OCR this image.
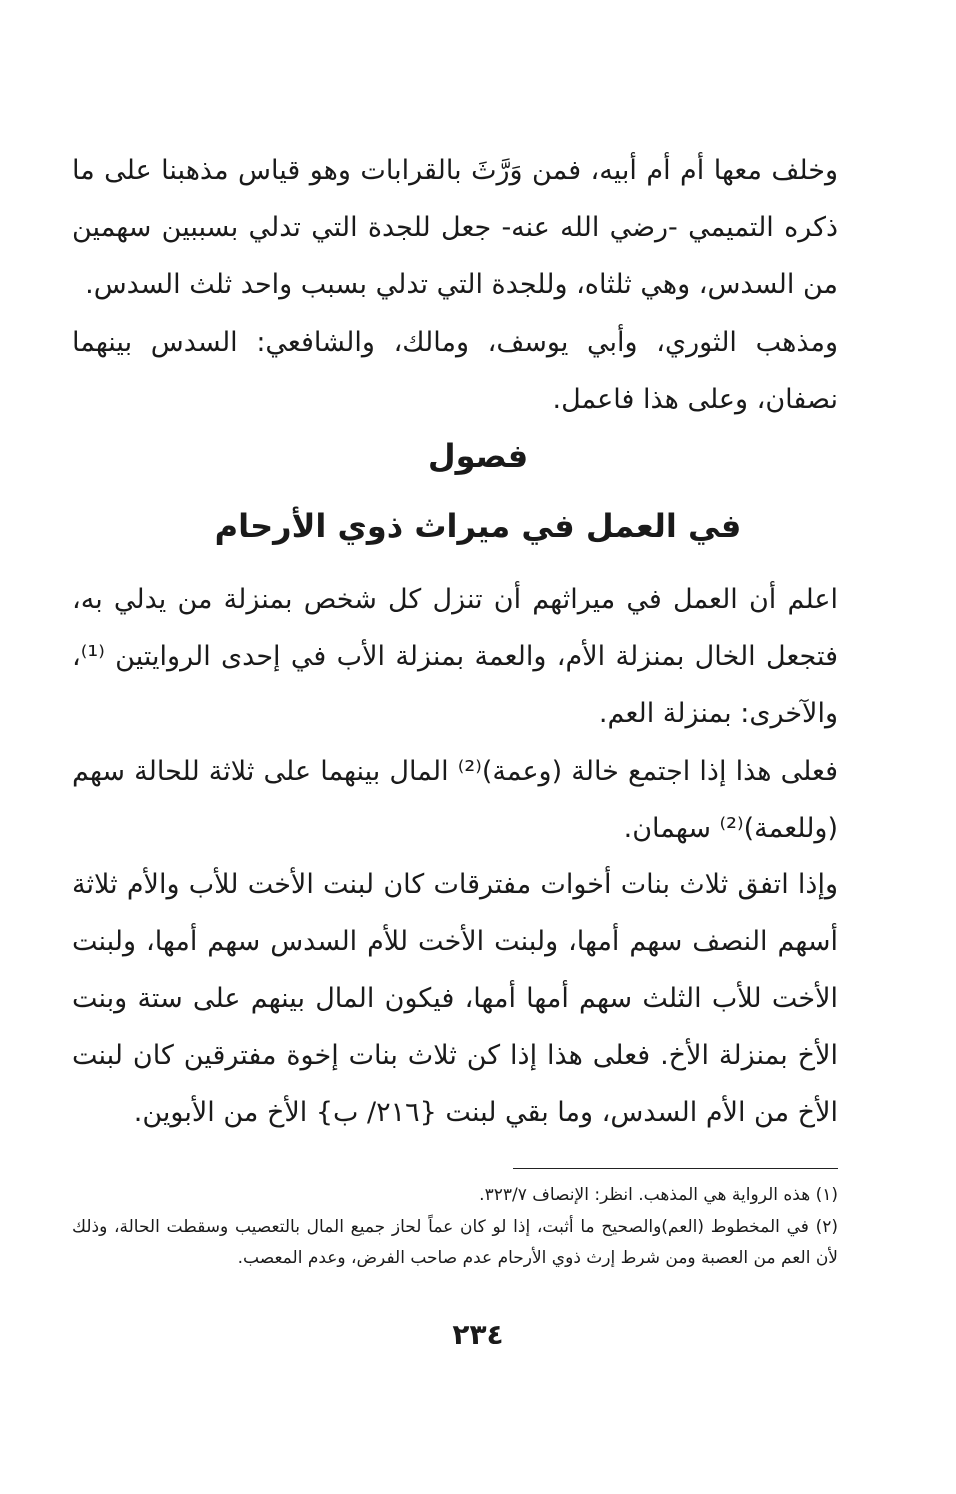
وخلف معها أم أم أبيه، فمن وَرَّثَ بالقرابات وهو قياس مذهبنا على ما ذكره التميمي -رضي الله عنه- جعل للجدة التي تدلي بسببين سهمين من السدس، وهي ثلثاه، وللجدة التي تدلي بسبب واحد ثلث السدس.

ومذهب الثوري، وأبي يوسف، ومالك، والشافعي: السدس بينهما نصفان، وعلى هذا فاعمل.

فصول
في العمل في ميراث ذوي الأرحام

اعلم أن العمل في ميراثهم أن تنزل كل شخص بمنزلة من يدلي به، فتجعل الخال بمنزلة الأم، والعمة بمنزلة الأب في إحدى الروايتين ⁽¹⁾، والآخرى: بمنزلة العم.

فعلى هذا إذا اجتمع خالة (وعمة)⁽²⁾ المال بينهما على ثلاثة للحالة سهم (وللعمة)⁽²⁾ سهمان.

وإذا اتفق ثلاث بنات أخوات مفترقات كان لبنت الأخت للأب والأم ثلاثة أسهم النصف سهم أمها، ولبنت الأخت للأم السدس سهم أمها، ولبنت الأخت للأب الثلث سهم أمها أمها، فيكون المال بينهم على ستة وبنت الأخ بمنزلة الأخ. فعلى هذا إذا كن ثلاث بنات إخوة مفترقين كان لبنت الأخ من الأم السدس، وما بقي لبنت {٢١٦/ ب} الأخ من الأبوين.

(١) هذه الرواية هي المذهب. انظر: الإنصاف ٣٢٣/٧.

(٢) في المخطوط (العم)والصحيح ما أثبت، إذا لو كان عماً لحاز جميع المال بالتعصيب وسقطت الحالة، وذلك لأن العم من العصبة ومن شرط إرث ذوي الأرحام عدم صاحب الفرض، وعدم المعصب.

٢٣٤
